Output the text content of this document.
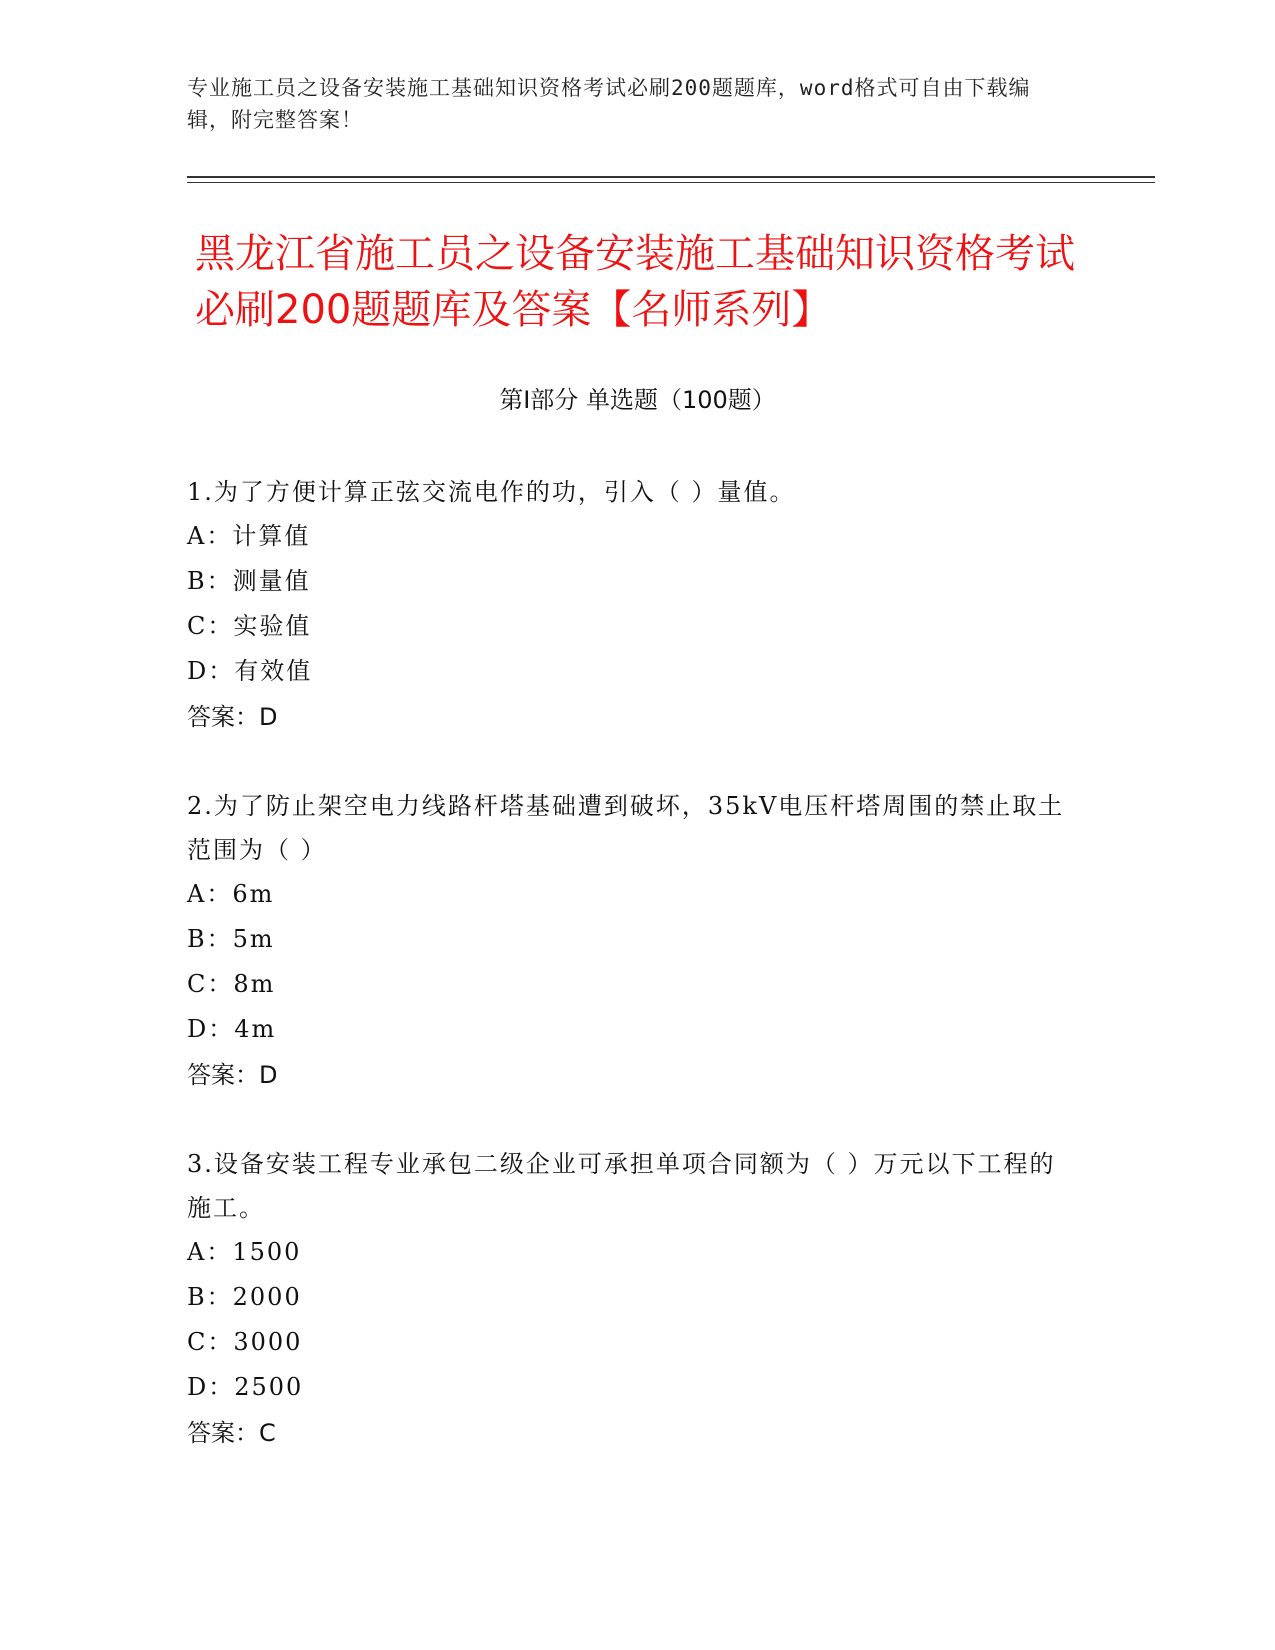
专业施工员之设备安装施工基础知识资格考试必刷200题题库，word格式可自由下载编辑，附完整答案！
黑龙江省施工员之设备安装施工基础知识资格考试必刷200题题库及答案【名师系列】
第Ⅰ部分 单选题（100题）

1.为了方便计算正弦交流电作的功，引入（ ）量值。

A：计算值

B：测量值

C：实验值

D：有效值

答案：D

2.为了防止架空电力线路杆塔基础遭到破坏，35kV电压杆塔周围的禁止取土范围为（ ）

A：6m

B：5m

C：8m

D：4m

答案：D

3.设备安装工程专业承包二级企业可承担单项合同额为（ ）万元以下工程的施工。

A：1500

B：2000

C：3000

D：2500

答案：C
